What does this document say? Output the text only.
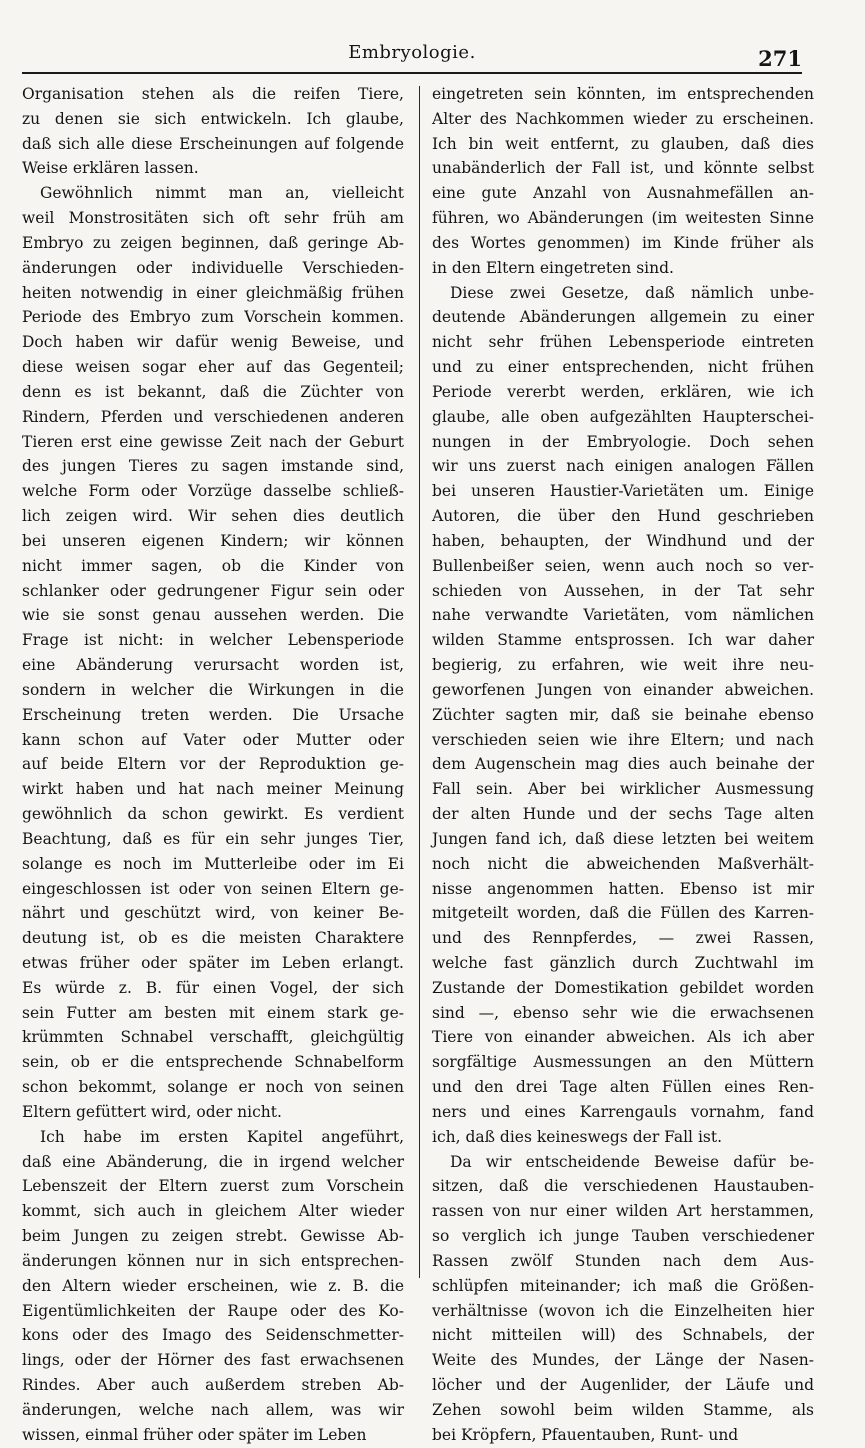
Embryologie.	271
Organisation stehen als die reifen Tiere,
zu denen sie sich entwickeln. Ich glaube,
daß sich alle diese Erscheinungen auf folgende
Weise erklären lassen.
Gewöhnlich nimmt man an, vielleicht
weil Monstrositäten sich oft sehr früh am
Embryo zu zeigen beginnen, daß geringe Ab-
änderungen oder individuelle Verschieden-
heiten notwendig in einer gleichmäßig frühen
Periode des Embryo zum Vorschein kommen.
Doch haben wir dafür wenig Beweise, und
diese weisen sogar eher auf das Gegenteil;
denn es ist bekannt, daß die Züchter von
Rindern, Pferden und verschiedenen anderen
Tieren erst eine gewisse Zeit nach der Geburt
des jungen Tieres zu sagen imstande sind,
welche Form oder Vorzüge dasselbe schließ-
lich zeigen wird. Wir sehen dies deutlich
bei unseren eigenen Kindern; wir können
nicht immer sagen, ob die Kinder von
schlanker oder gedrungener Figur sein oder
wie sie sonst genau aussehen werden. Die
Frage ist nicht: in welcher Lebensperiode
eine Abänderung verursacht worden ist,
sondern in welcher die Wirkungen in die
Erscheinung treten werden. Die Ursache
kann schon auf Vater oder Mutter oder
auf beide Eltern vor der Reproduktion ge-
wirkt haben und hat nach meiner Meinung
gewöhnlich da schon gewirkt. Es verdient
Beachtung, daß es für ein sehr junges Tier,
solange es noch im Mutterleibe oder im Ei
eingeschlossen ist oder von seinen Eltern ge-
nährt und geschützt wird, von keiner Be-
deutung ist, ob es die meisten Charaktere
etwas früher oder später im Leben erlangt.
Es würde z. B. für einen Vogel, der sich
sein Futter am besten mit einem stark ge-
krümmten Schnabel verschafft, gleichgültig
sein, ob er die entsprechende Schnabelform
schon bekommt, solange er noch von seinen
Eltern gefüttert wird, oder nicht.
Ich habe im ersten Kapitel angeführt,
daß eine Abänderung, die in irgend welcher
Lebenszeit der Eltern zuerst zum Vorschein
kommt, sich auch in gleichem Alter wieder
beim Jungen zu zeigen strebt. Gewisse Ab-
änderungen können nur in sich entsprechen-
den Altern wieder erscheinen, wie z. B. die
Eigentümlichkeiten der Raupe oder des Ko-
kons oder des Imago des Seidenschmetter-
lings, oder der Hörner des fast erwachsenen
Rindes. Aber auch außerdem streben Ab-
änderungen, welche nach allem, was wir
wissen, einmal früher oder später im Leben
eingetreten sein könnten, im entsprechenden
Alter des Nachkommen wieder zu erscheinen.
Ich bin weit entfernt, zu glauben, daß dies
unabänderlich der Fall ist, und könnte selbst
eine gute Anzahl von Ausnahmefällen an-
führen, wo Abänderungen (im weitesten Sinne
des Wortes genommen) im Kinde früher als
in den Eltern eingetreten sind.
Diese zwei Gesetze, daß nämlich unbe-
deutende Abänderungen allgemein zu einer
nicht sehr frühen Lebensperiode eintreten
und zu einer entsprechenden, nicht frühen
Periode vererbt werden, erklären, wie ich
glaube, alle oben aufgezählten Haupterschei-
nungen in der Embryologie. Doch sehen
wir uns zuerst nach einigen analogen Fällen
bei unseren Haustier-Varietäten um. Einige
Autoren, die über den Hund geschrieben
haben, behaupten, der Windhund und der
Bullenbeißer seien, wenn auch noch so ver-
schieden von Aussehen, in der Tat sehr
nahe verwandte Varietäten, vom nämlichen
wilden Stamme entsprossen. Ich war daher
begierig, zu erfahren, wie weit ihre neu-
geworfenen Jungen von einander abweichen.
Züchter sagten mir, daß sie beinahe ebenso
verschieden seien wie ihre Eltern; und nach
dem Augenschein mag dies auch beinahe der
Fall sein. Aber bei wirklicher Ausmessung
der alten Hunde und der sechs Tage alten
Jungen fand ich, daß diese letzten bei weitem
noch nicht die abweichenden Maßverhält-
nisse angenommen hatten. Ebenso ist mir
mitgeteilt worden, daß die Füllen des Karren-
und des Rennpferdes, — zwei Rassen,
welche fast gänzlich durch Zuchtwahl im
Zustande der Domestikation gebildet worden
sind —, ebenso sehr wie die erwachsenen
Tiere von einander abweichen. Als ich aber
sorgfältige Ausmessungen an den Müttern
und den drei Tage alten Füllen eines Ren-
ners und eines Karrengauls vornahm, fand
ich, daß dies keineswegs der Fall ist.
Da wir entscheidende Beweise dafür be-
sitzen, daß die verschiedenen Haustauben-
rassen von nur einer wilden Art herstammen,
so verglich ich junge Tauben verschiedener
Rassen zwölf Stunden nach dem Aus-
schlüpfen miteinander; ich maß die Größen-
verhältnisse (wovon ich die Einzelheiten hier
nicht mitteilen will) des Schnabels, der
Weite des Mundes, der Länge der Nasen-
löcher und der Augenlider, der Läufe und
Zehen sowohl beim wilden Stamme, als
bei Kröpfern, Pfauentauben, Runt- und
